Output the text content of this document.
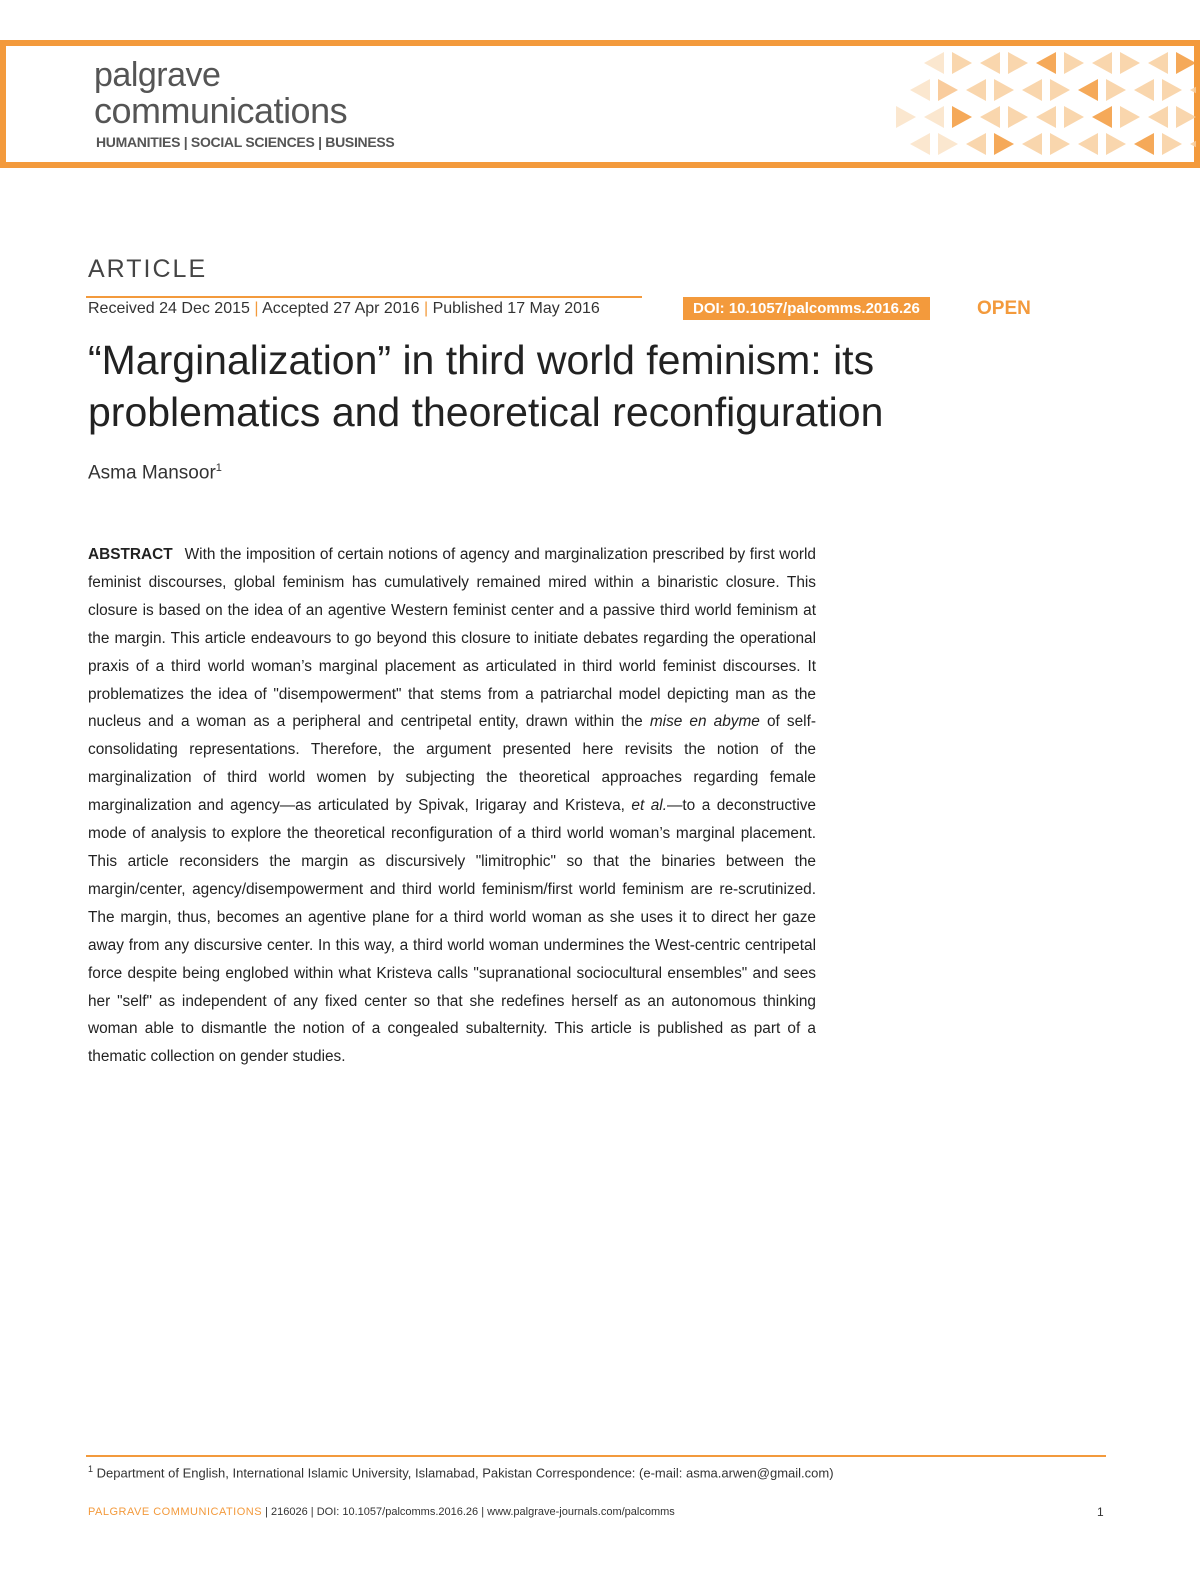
palgrave
communications
HUMANITIES | SOCIAL SCIENCES | BUSINESS
ARTICLE
Received 24 Dec 2015 | Accepted 27 Apr 2016 | Published 17 May 2016	DOI: 10.1057/palcomms.2016.26	OPEN
“Marginalization” in third world feminism: its problematics and theoretical reconfiguration
Asma Mansoor$^1$

ABSTRACT With the imposition of certain notions of agency and marginalization prescribed by first world feminist discourses, global feminism has cumulatively remained mired within a binaristic closure. This closure is based on the idea of an agentive Western feminist center and a passive third world feminism at the margin. This article endeavours to go beyond this closure to initiate debates regarding the operational praxis of a third world woman’s marginal placement as articulated in third world feminist discourses. It problematizes the idea of "disempowerment" that stems from a patriarchal model depicting man as the nucleus and a woman as a peripheral and centripetal entity, drawn within the mise en abyme of self-consolidating representations. Therefore, the argument presented here revisits the notion of the marginalization of third world women by subjecting the theoretical approaches regarding female marginalization and agency—as articulated by Spivak, Irigaray and Kristeva, et al.—to a deconstructive mode of analysis to explore the theoretical reconfiguration of a third world woman’s marginal placement. This article reconsiders the margin as discursively "limitrophic" so that the binaries between the margin/center, agency/disempowerment and third world feminism/first world feminism are re-scrutinized. The margin, thus, becomes an agentive plane for a third world woman as she uses it to direct her gaze away from any discursive center. In this way, a third world woman undermines the West-centric centripetal force despite being englobed within what Kristeva calls "supranational sociocultural ensembles" and sees her "self" as independent of any fixed center so that she redefines herself as an autonomous thinking woman able to dismantle the notion of a congealed subalternity. This article is published as part of a thematic collection on gender studies.

$^1$ Department of English, International Islamic University, Islamabad, Pakistan Correspondence: (e-mail: asma.arwen@gmail.com)
PALGRAVE COMMUNICATIONS | 216026 | DOI: 10.1057/palcomms.2016.26 | www.palgrave-journals.com/palcomms	1
